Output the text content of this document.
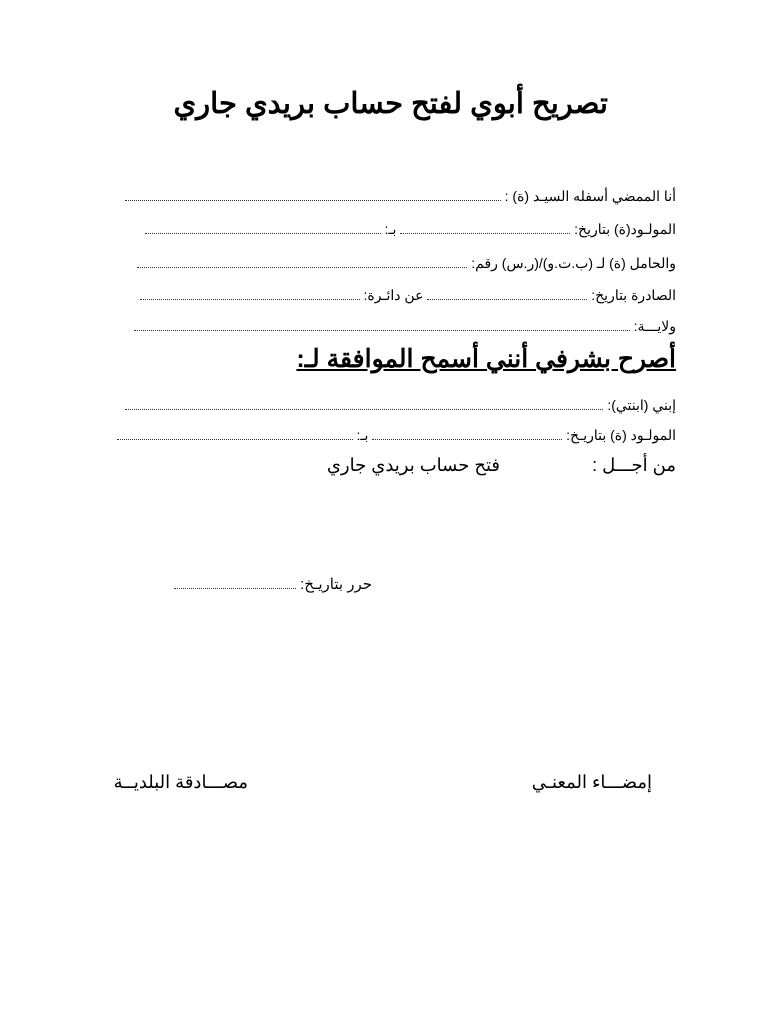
تصريح أبوي لفتح حساب بريدي جاري
أنا الممضي أسفله السيـد (ة) :
المولـود(ة) بتاريخ:  بـ:
والحامل (ة) لـ (ب.ت.و)/(ر.س) رقم:
الصادرة بتاريخ:  عن دائـرة:
ولايـــة:
أصرح بشرفي أنني أسمح الموافقة لـ:
إبني (ابنتي):
المولـود (ة) بتاريـخ:  بـ:
من أجـــل :
فتح حساب بريدي جاري
حرر بتاريـخ:
إمضـــاء المعنـي
مصـــادقة البلديــة
